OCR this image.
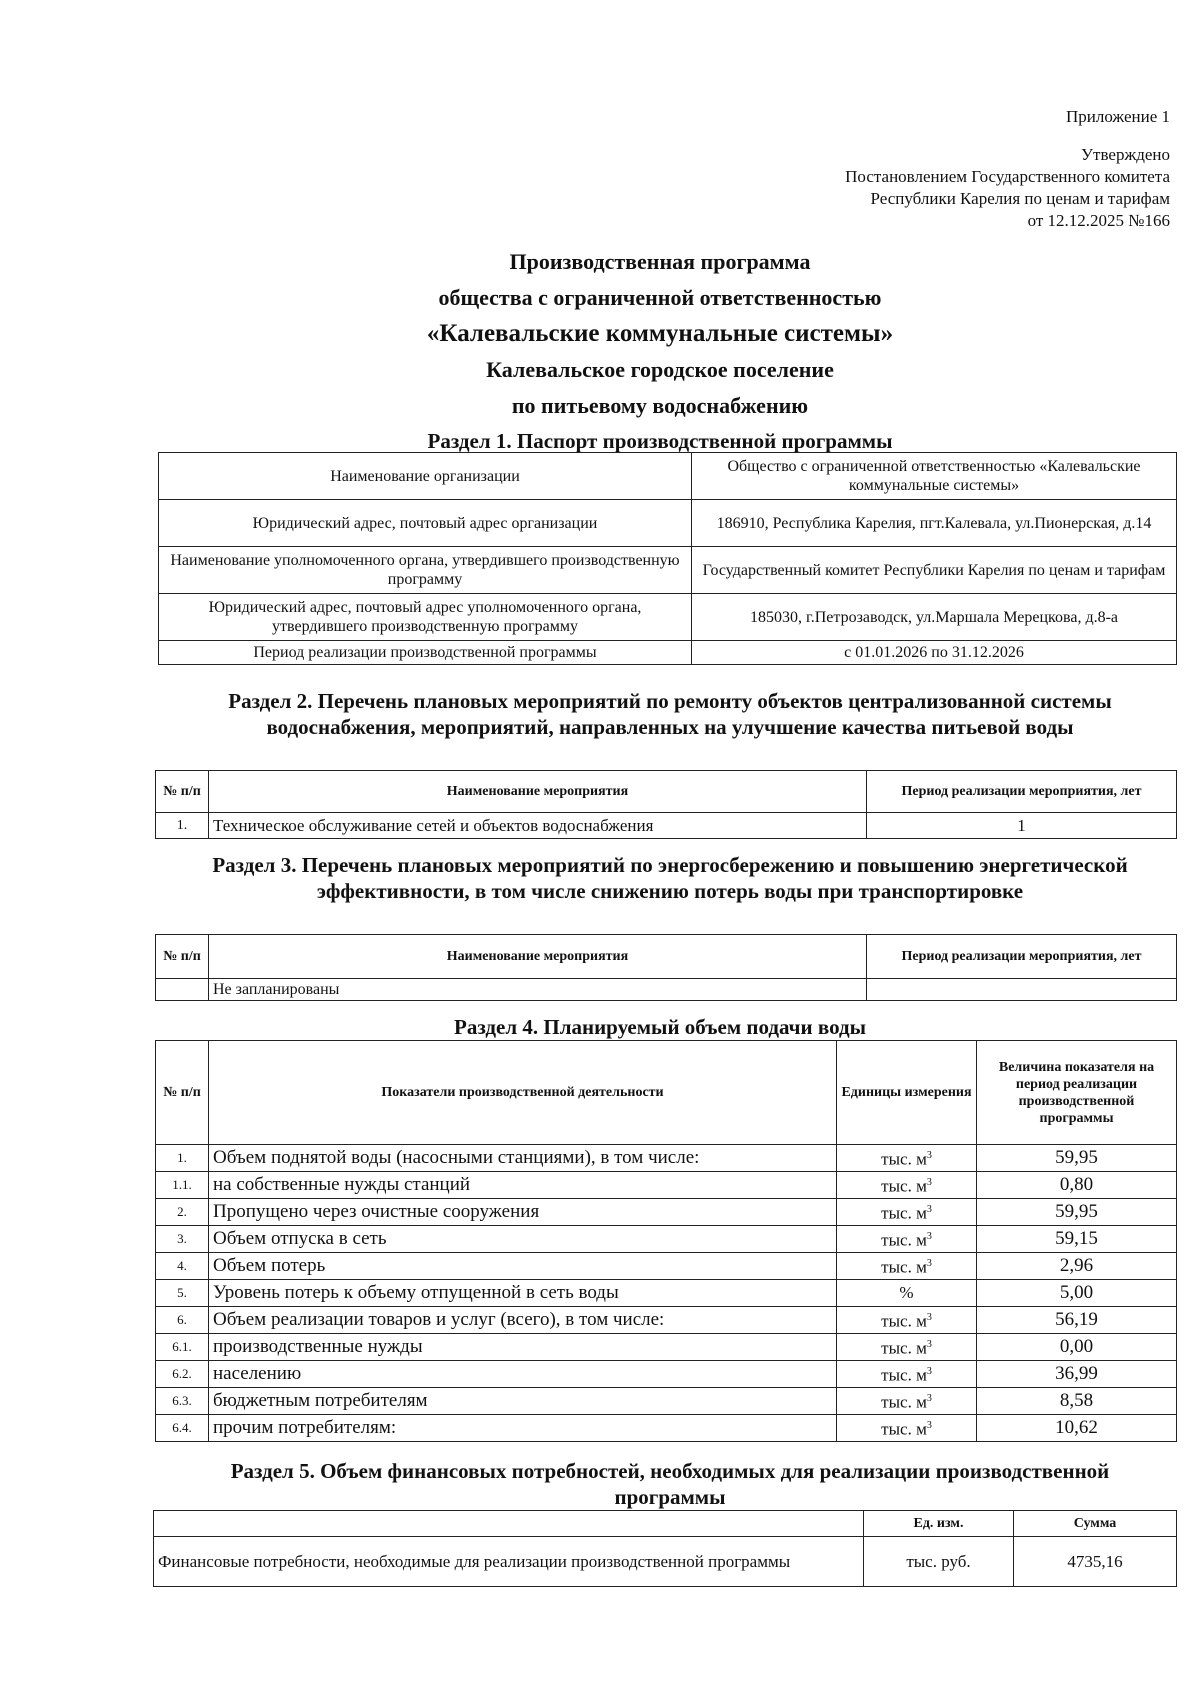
Приложение 1
Утверждено
Постановлением Государственного комитета
Республики Карелия по ценам и тарифам
от 12.12.2025 №166
Производственная программа
общества с ограниченной ответственностью
«Калевальские коммунальные системы»
Калевальское городское поселение
по питьевому водоснабжению
Раздел 1. Паспорт производственной программы
Наименование организации	Общество с ограниченной ответственностью «Калевальские коммунальные системы»
Юридический адрес, почтовый адрес организации	186910, Республика Карелия, пгт.Калевала, ул.Пионерская, д.14
Наименование уполномоченного органа, утвердившего производственную программу	Государственный комитет Республики Карелия по ценам и тарифам
Юридический адрес, почтовый адрес уполномоченного органа, утвердившего производственную программу	185030, г.Петрозаводск, ул.Маршала Мерецкова, д.8-а
Период реализации производственной программы	с 01.01.2026 по 31.12.2026
Раздел 2. Перечень плановых мероприятий по ремонту объектов централизованной системы водоснабжения, мероприятий, направленных на улучшение качества питьевой воды
№ п/п	Наименование мероприятия	Период реализации мероприятия, лет
1.	Техническое обслуживание сетей и объектов водоснабжения	1
Раздел 3. Перечень плановых мероприятий по энергосбережению и повышению энергетической эффективности, в том числе снижению потерь воды при транспортировке
№ п/п	Наименование мероприятия	Период реализации мероприятия, лет
	Не запланированы	
Раздел 4. Планируемый объем подачи воды
№ п/п	Показатели производственной деятельности	Единицы измерения	Величина показателя на период реализации производственной программы
1.	Объем поднятой воды (насосными станциями), в том числе:	тыс. $м^3$	59,95
1.1.	на собственные нужды станций	тыс. $м^3$	0,80
2.	Пропущено через очистные сооружения	тыс. $м^3$	59,95
3.	Объем отпуска в сеть	тыс. $м^3$	59,15
4.	Объем потерь	тыс. $м^3$	2,96
5.	Уровень потерь к объему отпущенной в сеть воды	%	5,00
6.	Объем реализации товаров и услуг (всего), в том числе:	тыс. $м^3$	56,19
6.1.	производственные нужды	тыс. $м^3$	0,00
6.2.	населению	тыс. $м^3$	36,99
6.3.	бюджетным потребителям	тыс. $м^3$	8,58
6.4.	прочим потребителям:	тыс. $м^3$	10,62
Раздел 5. Объем финансовых потребностей, необходимых для реализации производственной программы
	Ед. изм.	Сумма
Финансовые потребности, необходимые для реализации производственной программы	тыс. руб.	4735,16
